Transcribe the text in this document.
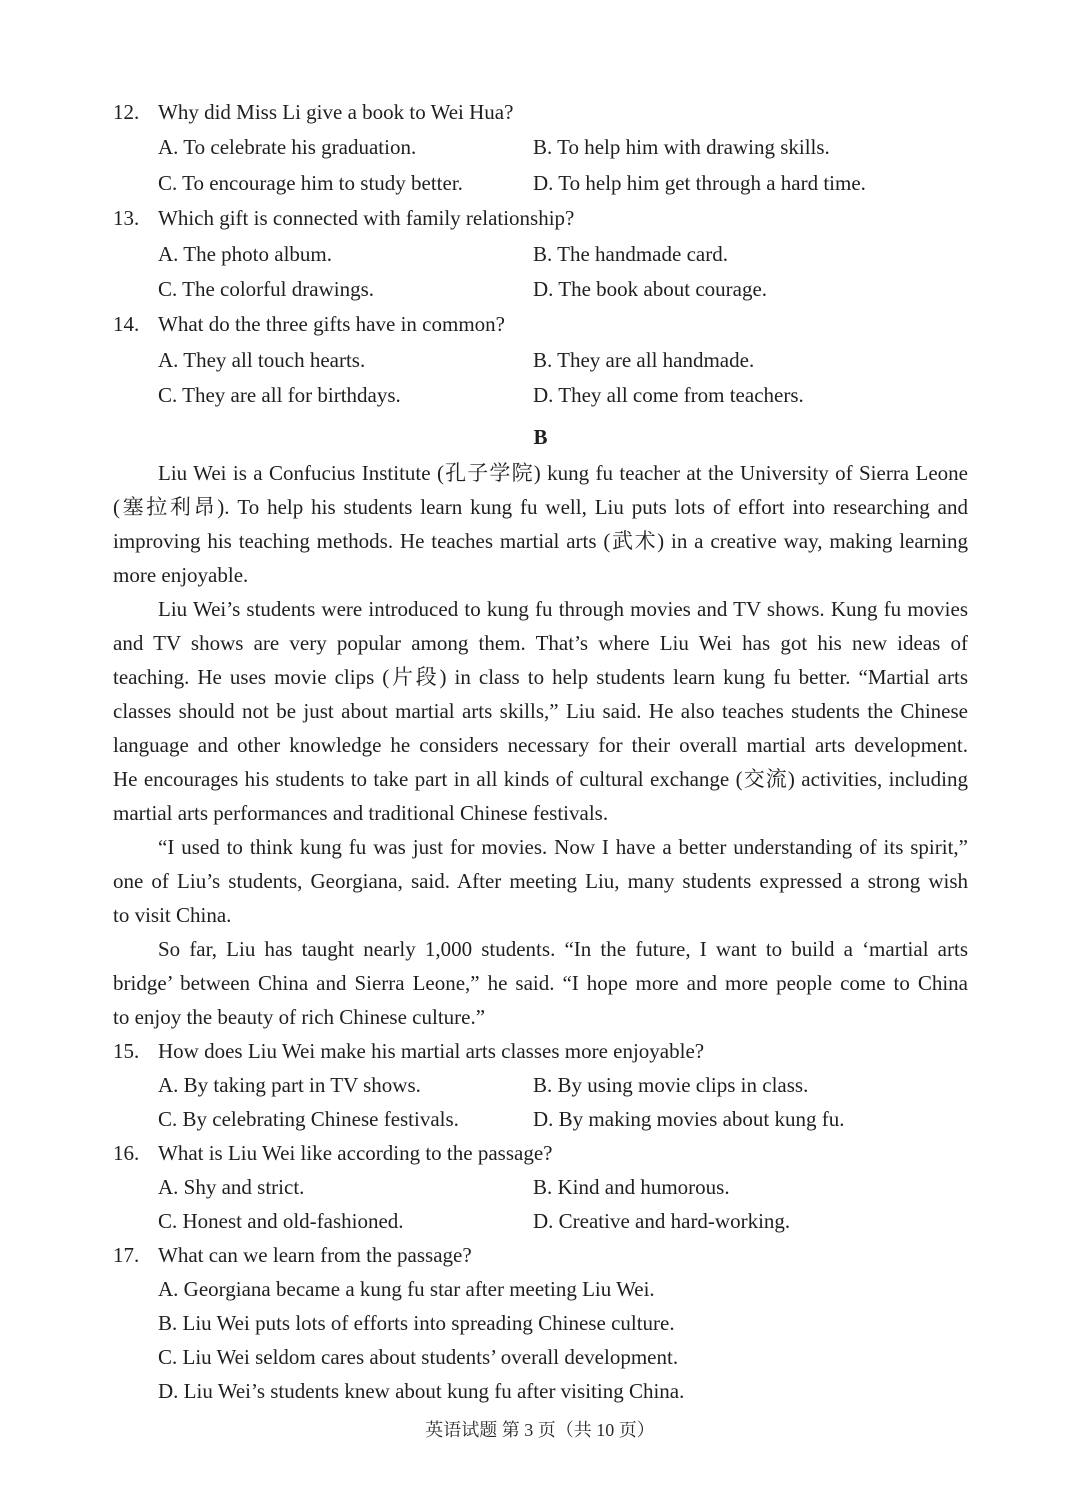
12. Why did Miss Li give a book to Wei Hua?
A. To celebrate his graduation.	B. To help him with drawing skills.
C. To encourage him to study better.	D. To help him get through a hard time.
13. Which gift is connected with family relationship?
A. The photo album.	B. The handmade card.
C. The colorful drawings.	D. The book about courage.
14. What do the three gifts have in common?
A. They all touch hearts.	B. They are all handmade.
C. They are all for birthdays.	D. They all come from teachers.
B
Liu Wei is a Confucius Institute (孔子学院) kung fu teacher at the University of Sierra Leone
(塞拉利昂). To help his students learn kung fu well, Liu puts lots of effort into researching and
improving his teaching methods. He teaches martial arts (武术) in a creative way, making learning
more enjoyable.
Liu Wei’s students were introduced to kung fu through movies and TV shows. Kung fu movies
and TV shows are very popular among them. That’s where Liu Wei has got his new ideas of
teaching. He uses movie clips (片段) in class to help students learn kung fu better. “Martial arts
classes should not be just about martial arts skills,” Liu said. He also teaches students the Chinese
language and other knowledge he considers necessary for their overall martial arts development.
He encourages his students to take part in all kinds of cultural exchange (交流) activities, including
martial arts performances and traditional Chinese festivals.
“I used to think kung fu was just for movies. Now I have a better understanding of its spirit,”
one of Liu’s students, Georgiana, said. After meeting Liu, many students expressed a strong wish
to visit China.
So far, Liu has taught nearly 1,000 students. “In the future, I want to build a ‘martial arts
bridge’ between China and Sierra Leone,” he said. “I hope more and more people come to China
to enjoy the beauty of rich Chinese culture.”
15. How does Liu Wei make his martial arts classes more enjoyable?
A. By taking part in TV shows.	B. By using movie clips in class.
C. By celebrating Chinese festivals.	D. By making movies about kung fu.
16. What is Liu Wei like according to the passage?
A. Shy and strict.	B. Kind and humorous.
C. Honest and old-fashioned.	D. Creative and hard-working.
17. What can we learn from the passage?
A. Georgiana became a kung fu star after meeting Liu Wei.
B. Liu Wei puts lots of efforts into spreading Chinese culture.
C. Liu Wei seldom cares about students’ overall development.
D. Liu Wei’s students knew about kung fu after visiting China.
英语试题 第 3 页（共 10 页）
